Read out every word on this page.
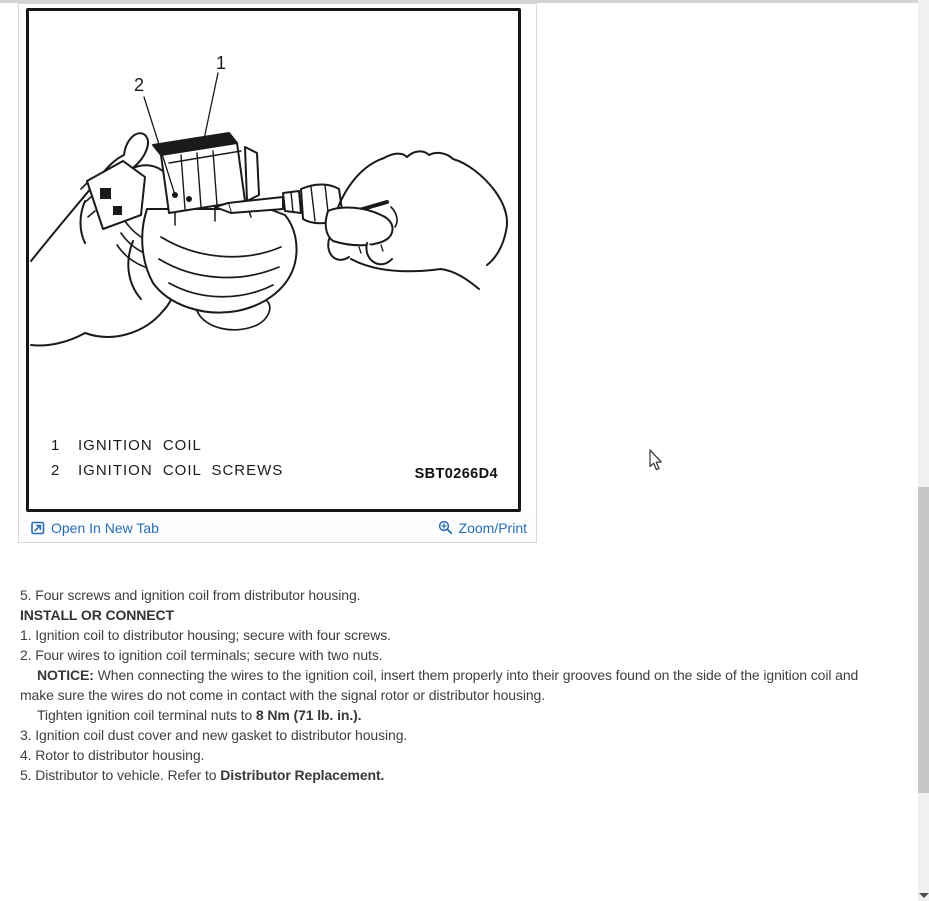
1
2
1	IGNITION COIL
2	IGNITION COIL SCREWS	SBT0266D4
Open In New Tab	Zoom/Print

5. Four screws and ignition coil from distributor housing.

INSTALL OR CONNECT

1. Ignition coil to distributor housing; secure with four screws.

2. Four wires to ignition coil terminals; secure with two nuts.

NOTICE: When connecting the wires to the ignition coil, insert them properly into their grooves found on the side of the ignition coil and make sure the wires do not come in contact with the signal rotor or distributor housing.

Tighten ignition coil terminal nuts to 8 Nm (71 lb. in.).

3. Ignition coil dust cover and new gasket to distributor housing.

4. Rotor to distributor housing.

5. Distributor to vehicle. Refer to Distributor Replacement.
